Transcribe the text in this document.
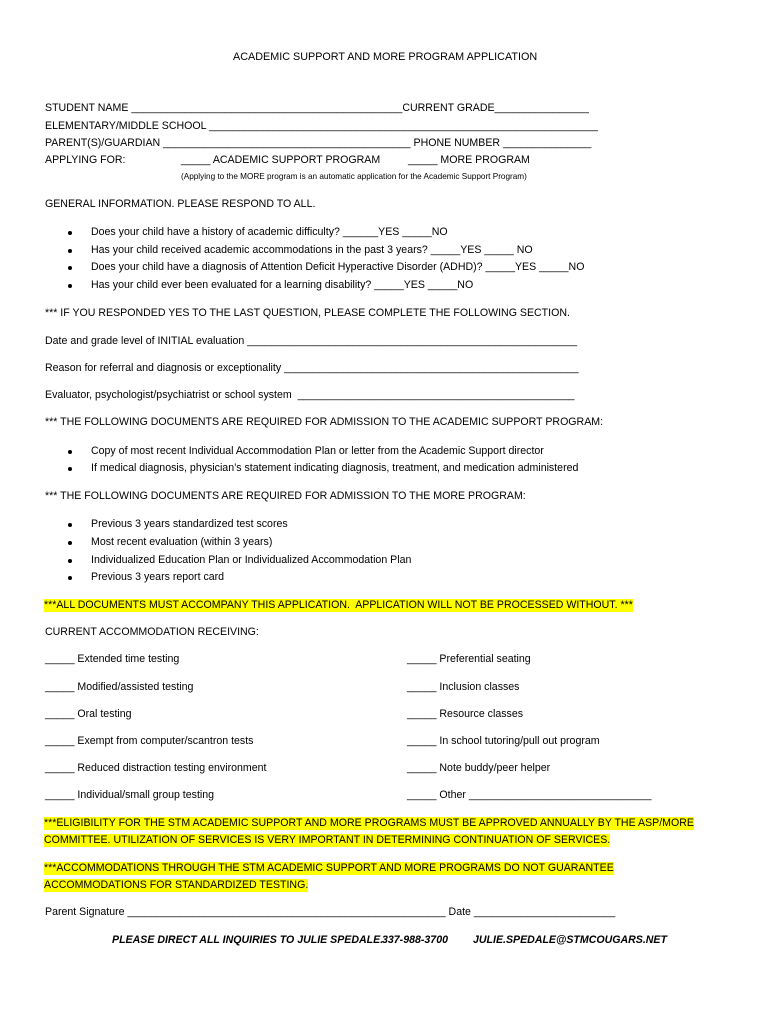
ACADEMIC SUPPORT AND MORE PROGRAM APPLICATION
STUDENT NAME ______________________________________________CURRENT GRADE________________
ELEMENTARY/MIDDLE SCHOOL __________________________________________________________________
PARENT(S)/GUARDIAN __________________________________________ PHONE NUMBER _______________
APPLYING FOR:	_____ ACADEMIC SUPPORT PROGRAM	_____ MORE PROGRAM
(Applying to the MORE program is an automatic application for the Academic Support Program)
GENERAL INFORMATION. PLEASE RESPOND TO ALL.
Does your child have a history of academic difficulty? ______YES _____NO
Has your child received academic accommodations in the past 3 years? _____YES _____ NO
Does your child have a diagnosis of Attention Deficit Hyperactive Disorder (ADHD)? _____YES _____NO
Has your child ever been evaluated for a learning disability? _____YES _____NO
*** IF YOU RESPONDED YES TO THE LAST QUESTION, PLEASE COMPLETE THE FOLLOWING SECTION.
Date and grade level of INITIAL evaluation ________________________________________________________
Reason for referral and diagnosis or exceptionality __________________________________________________
Evaluator, psychologist/psychiatrist or school system  _______________________________________________
*** THE FOLLOWING DOCUMENTS ARE REQUIRED FOR ADMISSION TO THE ACADEMIC SUPPORT PROGRAM:
Copy of most recent Individual Accommodation Plan or letter from the Academic Support director
If medical diagnosis, physician’s statement indicating diagnosis, treatment, and medication administered
*** THE FOLLOWING DOCUMENTS ARE REQUIRED FOR ADMISSION TO THE MORE PROGRAM:
Previous 3 years standardized test scores
Most recent evaluation (within 3 years)
Individualized Education Plan or Individualized Accommodation Plan
Previous 3 years report card
***ALL DOCUMENTS MUST ACCOMPANY THIS APPLICATION.  APPLICATION WILL NOT BE PROCESSED WITHOUT. ***
CURRENT ACCOMMODATION RECEIVING:
_____ Extended time testing	_____ Preferential seating
_____ Modified/assisted testing	_____ Inclusion classes
_____ Oral testing	_____ Resource classes
_____ Exempt from computer/scantron tests	_____ In school tutoring/pull out program
_____ Reduced distraction testing environment	_____ Note buddy/peer helper
_____ Individual/small group testing	_____ Other _______________________________
***ELIGIBILITY FOR THE STM ACADEMIC SUPPORT AND MORE PROGRAMS MUST BE APPROVED ANNUALLY BY THE ASP/MORE
COMMITTEE. UTILIZATION OF SERVICES IS VERY IMPORTANT IN DETERMINING CONTINUATION OF SERVICES.
***ACCOMMODATIONS THROUGH THE STM ACADEMIC SUPPORT AND MORE PROGRAMS DO NOT GUARANTEE
ACCOMMODATIONS FOR STANDARDIZED TESTING.
Parent Signature ______________________________________________________ Date ________________________
PLEASE DIRECT ALL INQUIRIES TO JULIE SPEDALE.
337-988-3700 JULIE.SPEDALE@STMCOUGARS.NET
